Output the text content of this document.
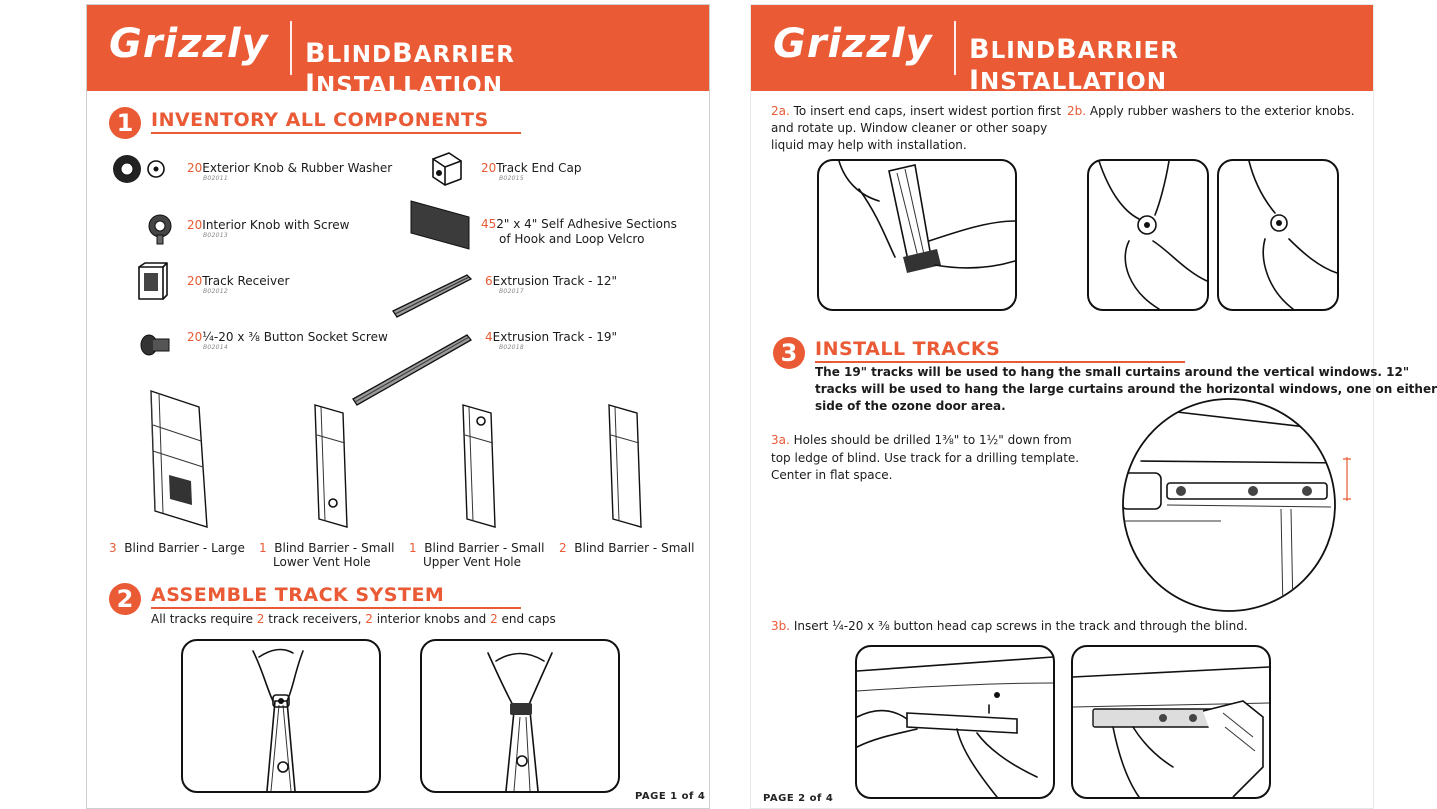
Grizzly BLINDBARRIER INSTALLATION
1 INVENTORY ALL COMPONENTS
20Exterior Knob & Rubber Washer
B02011
20Track End Cap
B02015
20Interior Knob with Screw
B02013
452" x 4" Self Adhesive Sections
of Hook and Loop Velcro
20Track Receiver
B02012
6Extrusion Track - 12"
B02017
20¼-20 x ⅜ Button Socket Screw
B02014
4Extrusion Track - 19"
B02018
3 Blind Barrier - Large 1 Blind Barrier - Small
Lower Vent Hole
1 Blind Barrier - Small
Upper Vent Hole
2 Blind Barrier - Small
2 ASSEMBLE TRACK SYSTEM
All tracks require 2 track receivers, 2 interior knobs and 2 end caps
PAGE 1 of 4
Grizzly BLINDBARRIER INSTALLATION
2a. To insert end caps, insert widest portion first
and rotate up. Window cleaner or other soapy
liquid may help with installation.
2b. Apply rubber washers to the exterior knobs.
3 INSTALL TRACKS
The 19" tracks will be used to hang the small curtains around the vertical windows. 12"
tracks will be used to hang the large curtains around the horizontal windows, one on either
side of the ozone door area.
3a. Holes should be drilled 1⅜" to 1½" down from
top ledge of blind. Use track for a drilling template.
Center in flat space.
3b. Insert ¼-20 x ⅜ button head cap screws in the track and through the blind.
PAGE 2 of 4
